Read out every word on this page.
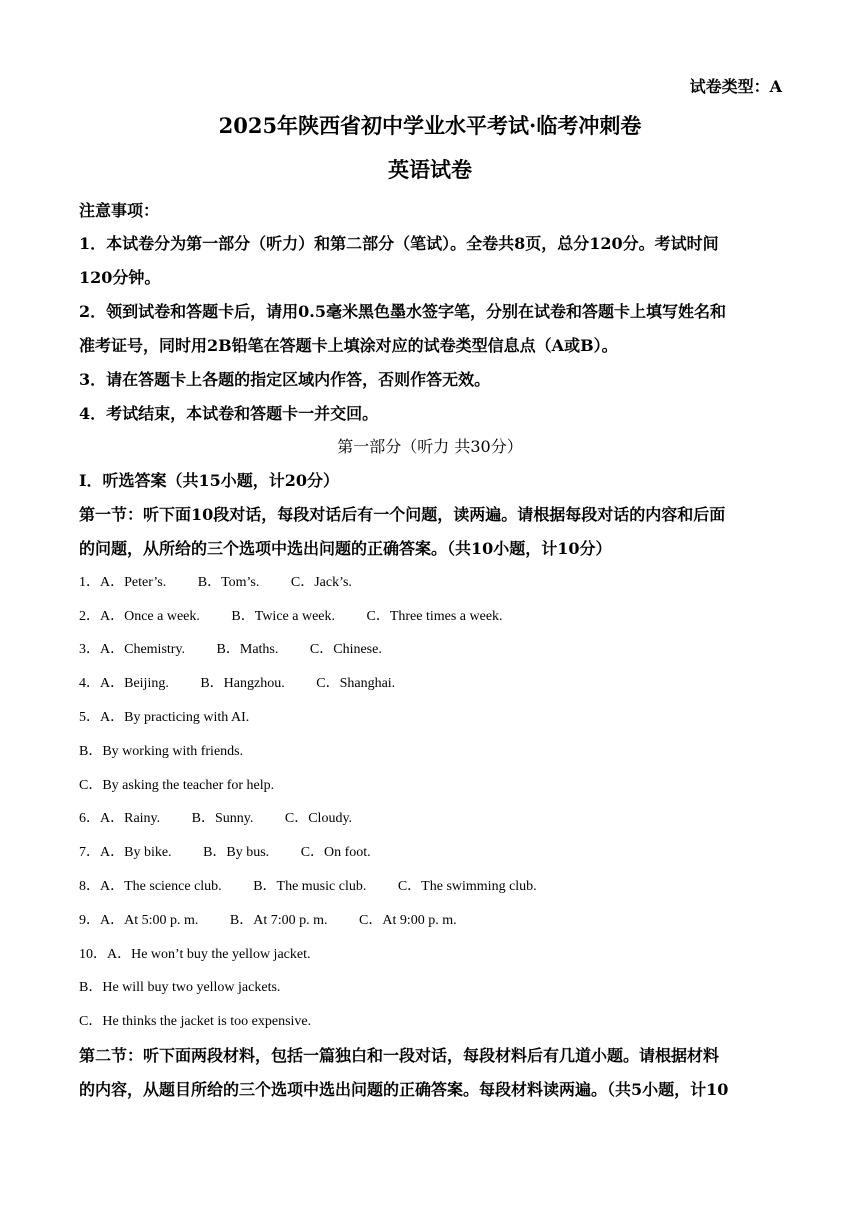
试卷类型：A
2025年陕西省初中学业水平考试·临考冲刺卷
英语试卷
注意事项：
1．本试卷分为第一部分（听力）和第二部分（笔试）。全卷共8页，总分120分。考试时间
120分钟。
2．领到试卷和答题卡后，请用0.5毫米黑色墨水签字笔，分别在试卷和答题卡上填写姓名和
准考证号，同时用2B铅笔在答题卡上填涂对应的试卷类型信息点（A或B）。
3．请在答题卡上各题的指定区域内作答，否则作答无效。
4．考试结束，本试卷和答题卡一并交回。
第一部分（听力 共30分）
Ⅰ．听选答案（共15小题，计20分）
第一节：听下面10段对话，每段对话后有一个问题，读两遍。请根据每段对话的内容和后面
的问题，从所给的三个选项中选出问题的正确答案。（共10小题，计10分）
1．A．Peter’s. B．Tom’s. C．Jack’s.
2．A．Once a week. B．Twice a week. C．Three times a week.
3．A．Chemistry. B．Maths. C．Chinese.
4．A．Beijing. B．Hangzhou. C．Shanghai.
5．A．By practicing with AI.
B．By working with friends.
C．By asking the teacher for help.
6．A．Rainy. B．Sunny. C．Cloudy.
7．A．By bike. B．By bus. C．On foot.
8．A．The science club. B．The music club. C．The swimming club.
9．A．At 5:00 p. m. B．At 7:00 p. m. C．At 9:00 p. m.
10．A．He won’t buy the yellow jacket.
B．He will buy two yellow jackets.
C．He thinks the jacket is too expensive.
第二节：听下面两段材料，包括一篇独白和一段对话，每段材料后有几道小题。请根据材料
的内容，从题目所给的三个选项中选出问题的正确答案。每段材料读两遍。（共5小题，计10
